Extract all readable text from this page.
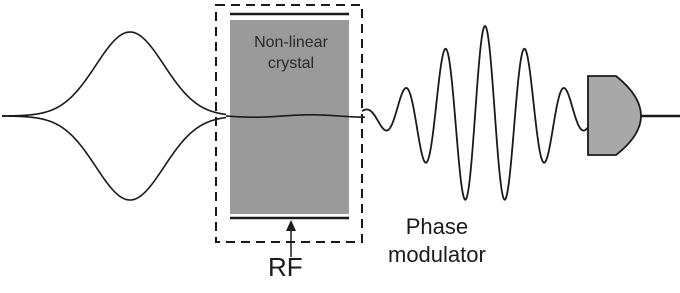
Non-linear
crystal
RF
Phase
modulator
